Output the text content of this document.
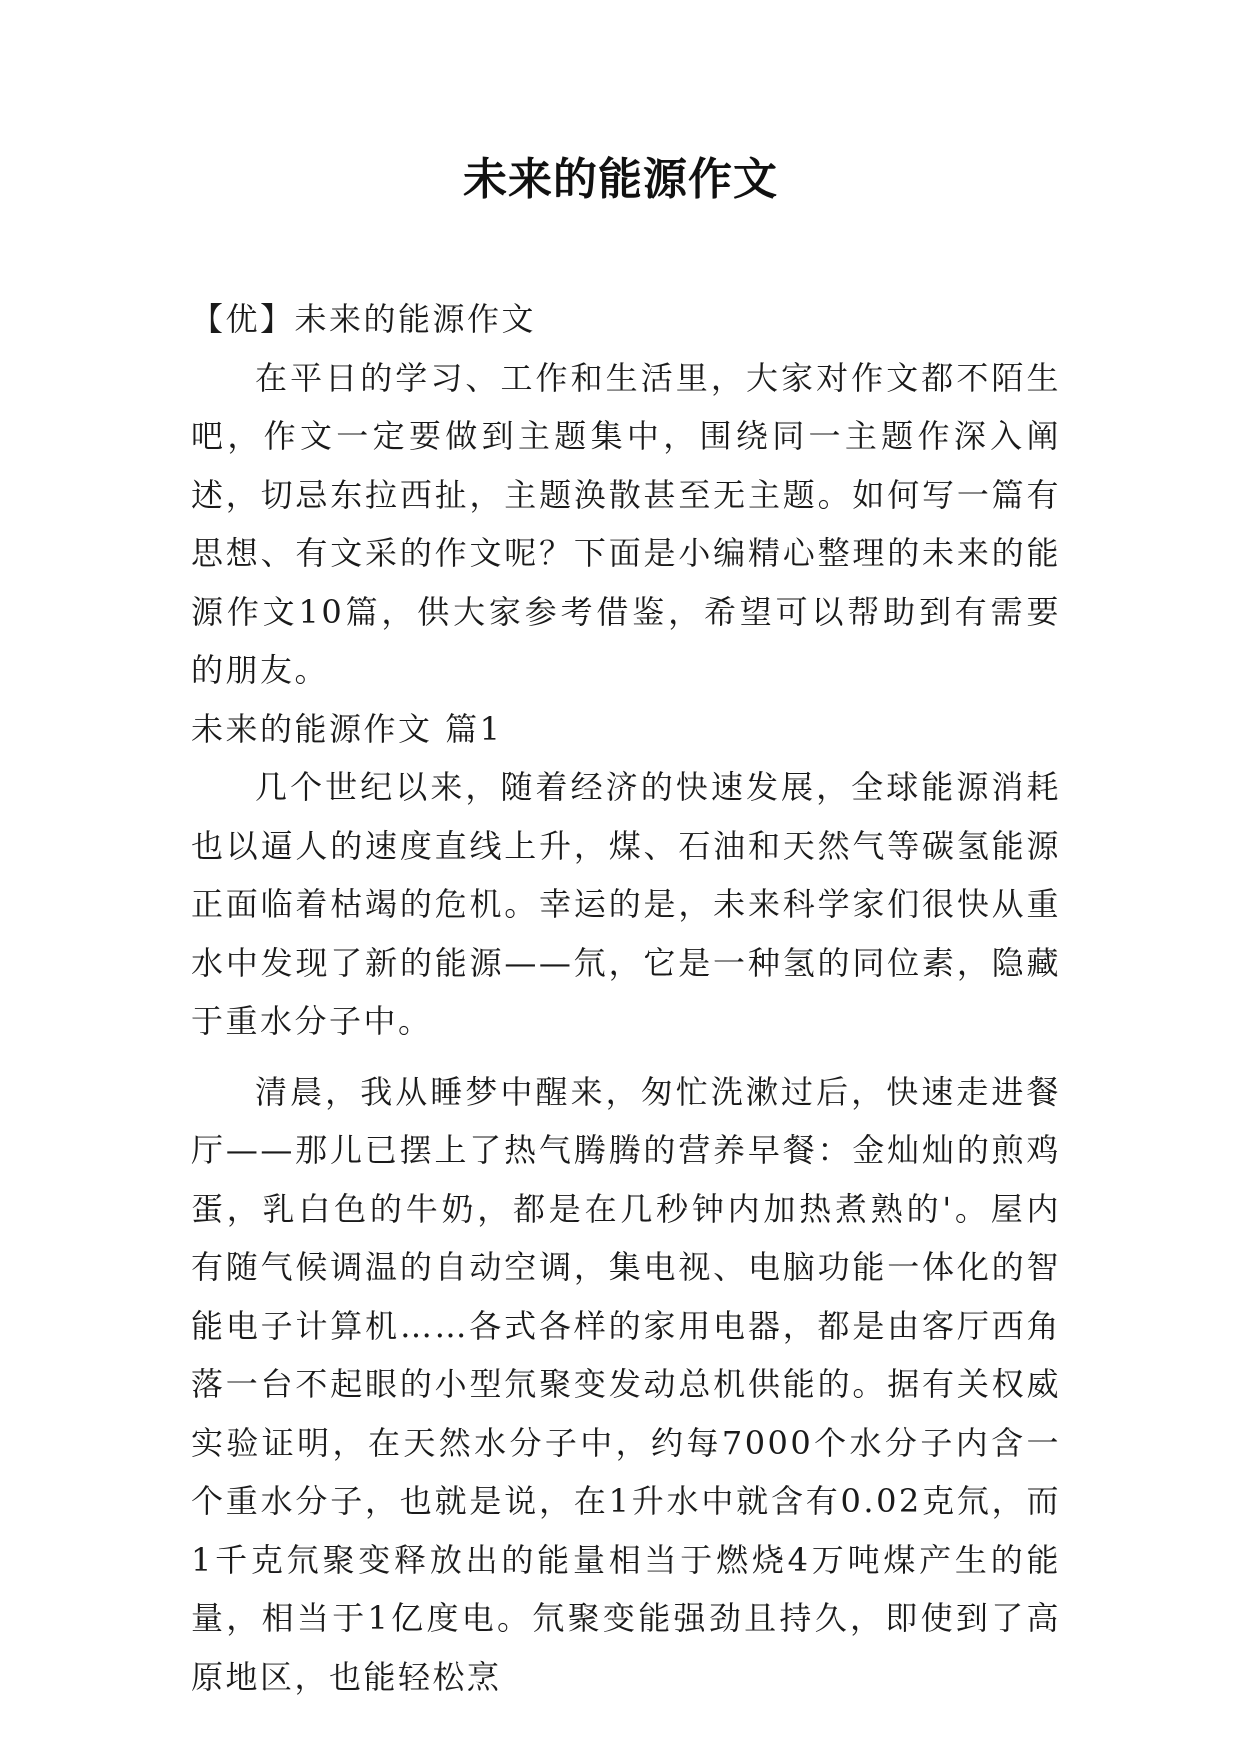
未来的能源作文

【优】未来的能源作文

在平日的学习、工作和生活里，大家对作文都不陌生吧，作文一定要做到主题集中，围绕同一主题作深入阐述，切忌东拉西扯，主题涣散甚至无主题。如何写一篇有思想、有文采的作文呢？下面是小编精心整理的未来的能源作文10篇，供大家参考借鉴，希望可以帮助到有需要的朋友。

未来的能源作文 篇1

几个世纪以来，随着经济的快速发展，全球能源消耗也以逼人的速度直线上升，煤、石油和天然气等碳氢能源正面临着枯竭的危机。幸运的是，未来科学家们很快从重水中发现了新的能源——氘，它是一种氢的同位素，隐藏于重水分子中。

清晨，我从睡梦中醒来，匆忙洗漱过后，快速走进餐厅——那儿已摆上了热气腾腾的营养早餐：金灿灿的煎鸡蛋，乳白色的牛奶，都是在几秒钟内加热煮熟的'。屋内有随气候调温的自动空调，集电视、电脑功能一体化的智能电子计算机……各式各样的家用电器，都是由客厅西角落一台不起眼的小型氘聚变发动总机供能的。据有关权威实验证明，在天然水分子中，约每7000个水分子内含一个重水分子，也就是说，在1升水中就含有0.02克氘，而1千克氘聚变释放出的能量相当于燃烧4万吨煤产生的能量，相当于1亿度电。氘聚变能强劲且持久，即使到了高原地区，也能轻松烹
